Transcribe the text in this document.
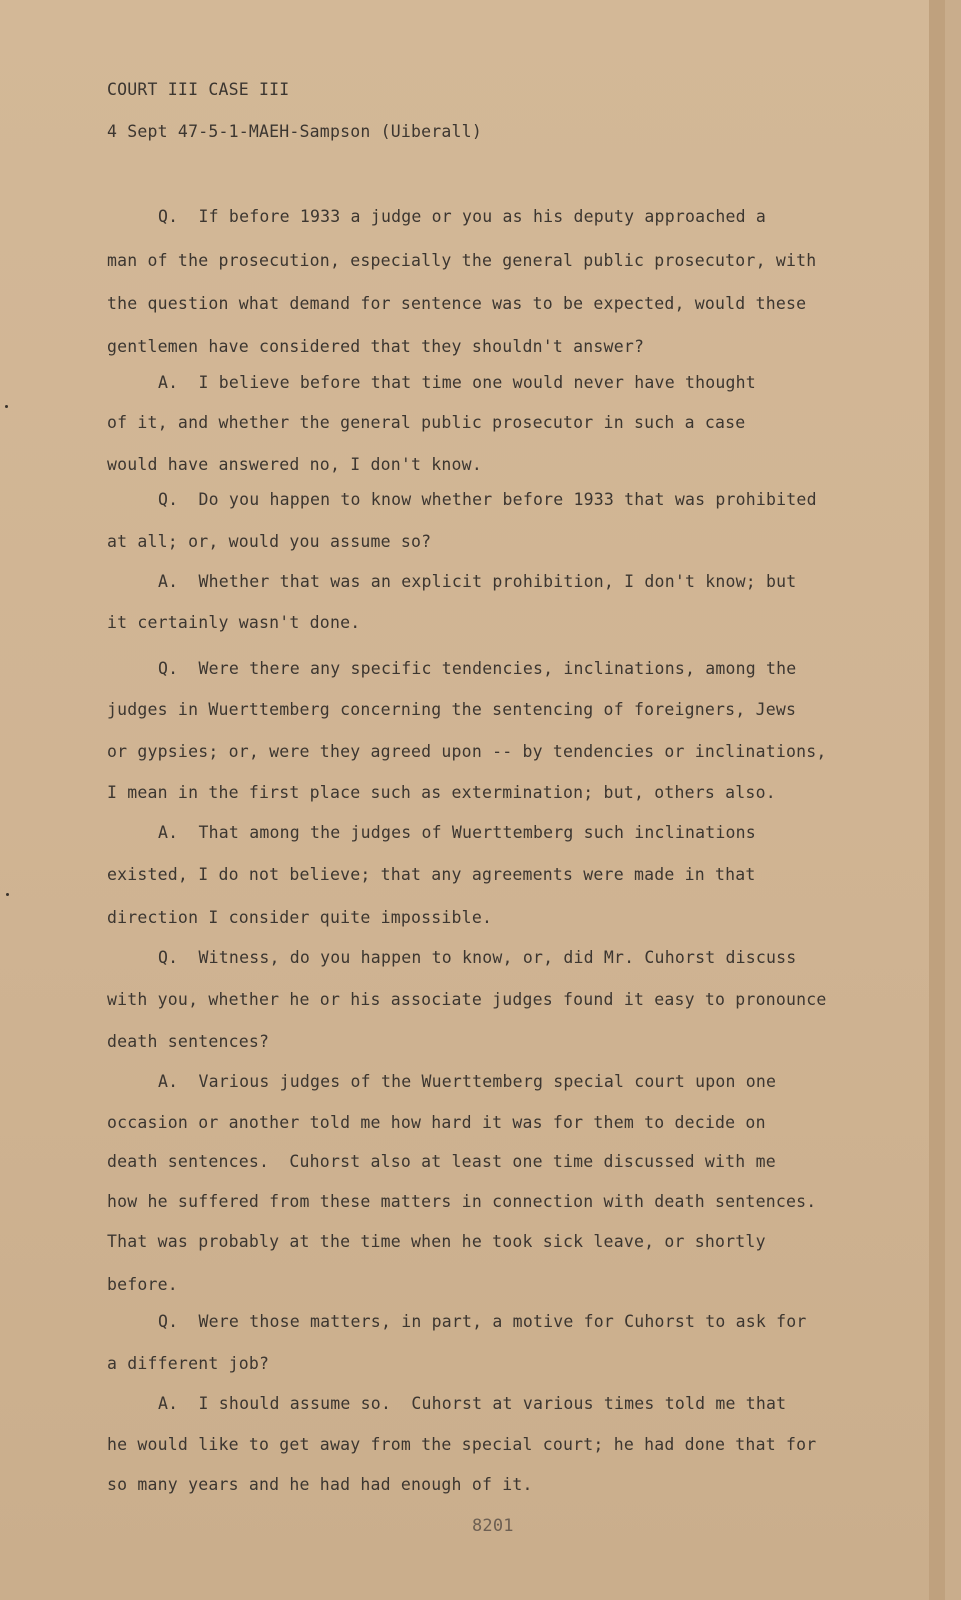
COURT III CASE III
4 Sept 47-5-1-MAEH-Sampson (Uiberall)
Q.  If before 1933 a judge or you as his deputy approached a
man of the prosecution, especially the general public prosecutor, with
the question what demand for sentence was to be expected, would these
gentlemen have considered that they shouldn't answer?
A.  I believe before that time one would never have thought
of it, and whether the general public prosecutor in such a case
would have answered no, I don't know.
Q.  Do you happen to know whether before 1933 that was prohibited
at all; or, would you assume so?
A.  Whether that was an explicit prohibition, I don't know; but
it certainly wasn't done.
Q.  Were there any specific tendencies, inclinations, among the
judges in Wuerttemberg concerning the sentencing of foreigners, Jews
or gypsies; or, were they agreed upon -- by tendencies or inclinations,
I mean in the first place such as extermination; but, others also.
A.  That among the judges of Wuerttemberg such inclinations
existed, I do not believe; that any agreements were made in that
direction I consider quite impossible.
Q.  Witness, do you happen to know, or, did Mr. Cuhorst discuss
with you, whether he or his associate judges found it easy to pronounce
death sentences?
A.  Various judges of the Wuerttemberg special court upon one
occasion or another told me how hard it was for them to decide on
death sentences.  Cuhorst also at least one time discussed with me
how he suffered from these matters in connection with death sentences.
That was probably at the time when he took sick leave, or shortly
before.
Q.  Were those matters, in part, a motive for Cuhorst to ask for
a different job?
A.  I should assume so.  Cuhorst at various times told me that
he would like to get away from the special court; he had done that for
so many years and he had had enough of it.
8201
